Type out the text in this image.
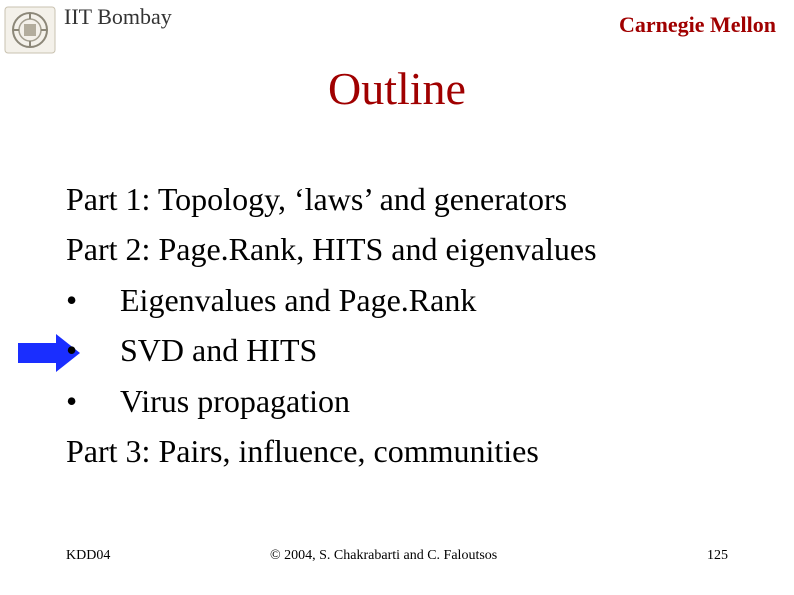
IIT Bombay	Carnegie Mellon
Outline
Part 1: Topology, ‘laws’ and generators
Part 2: Page.Rank, HITS and eigenvalues
• Eigenvalues and Page.Rank
• SVD and HITS
• Virus propagation
Part 3: Pairs, influence, communities
KDD04	© 2004, S. Chakrabarti and C. Faloutsos	125
